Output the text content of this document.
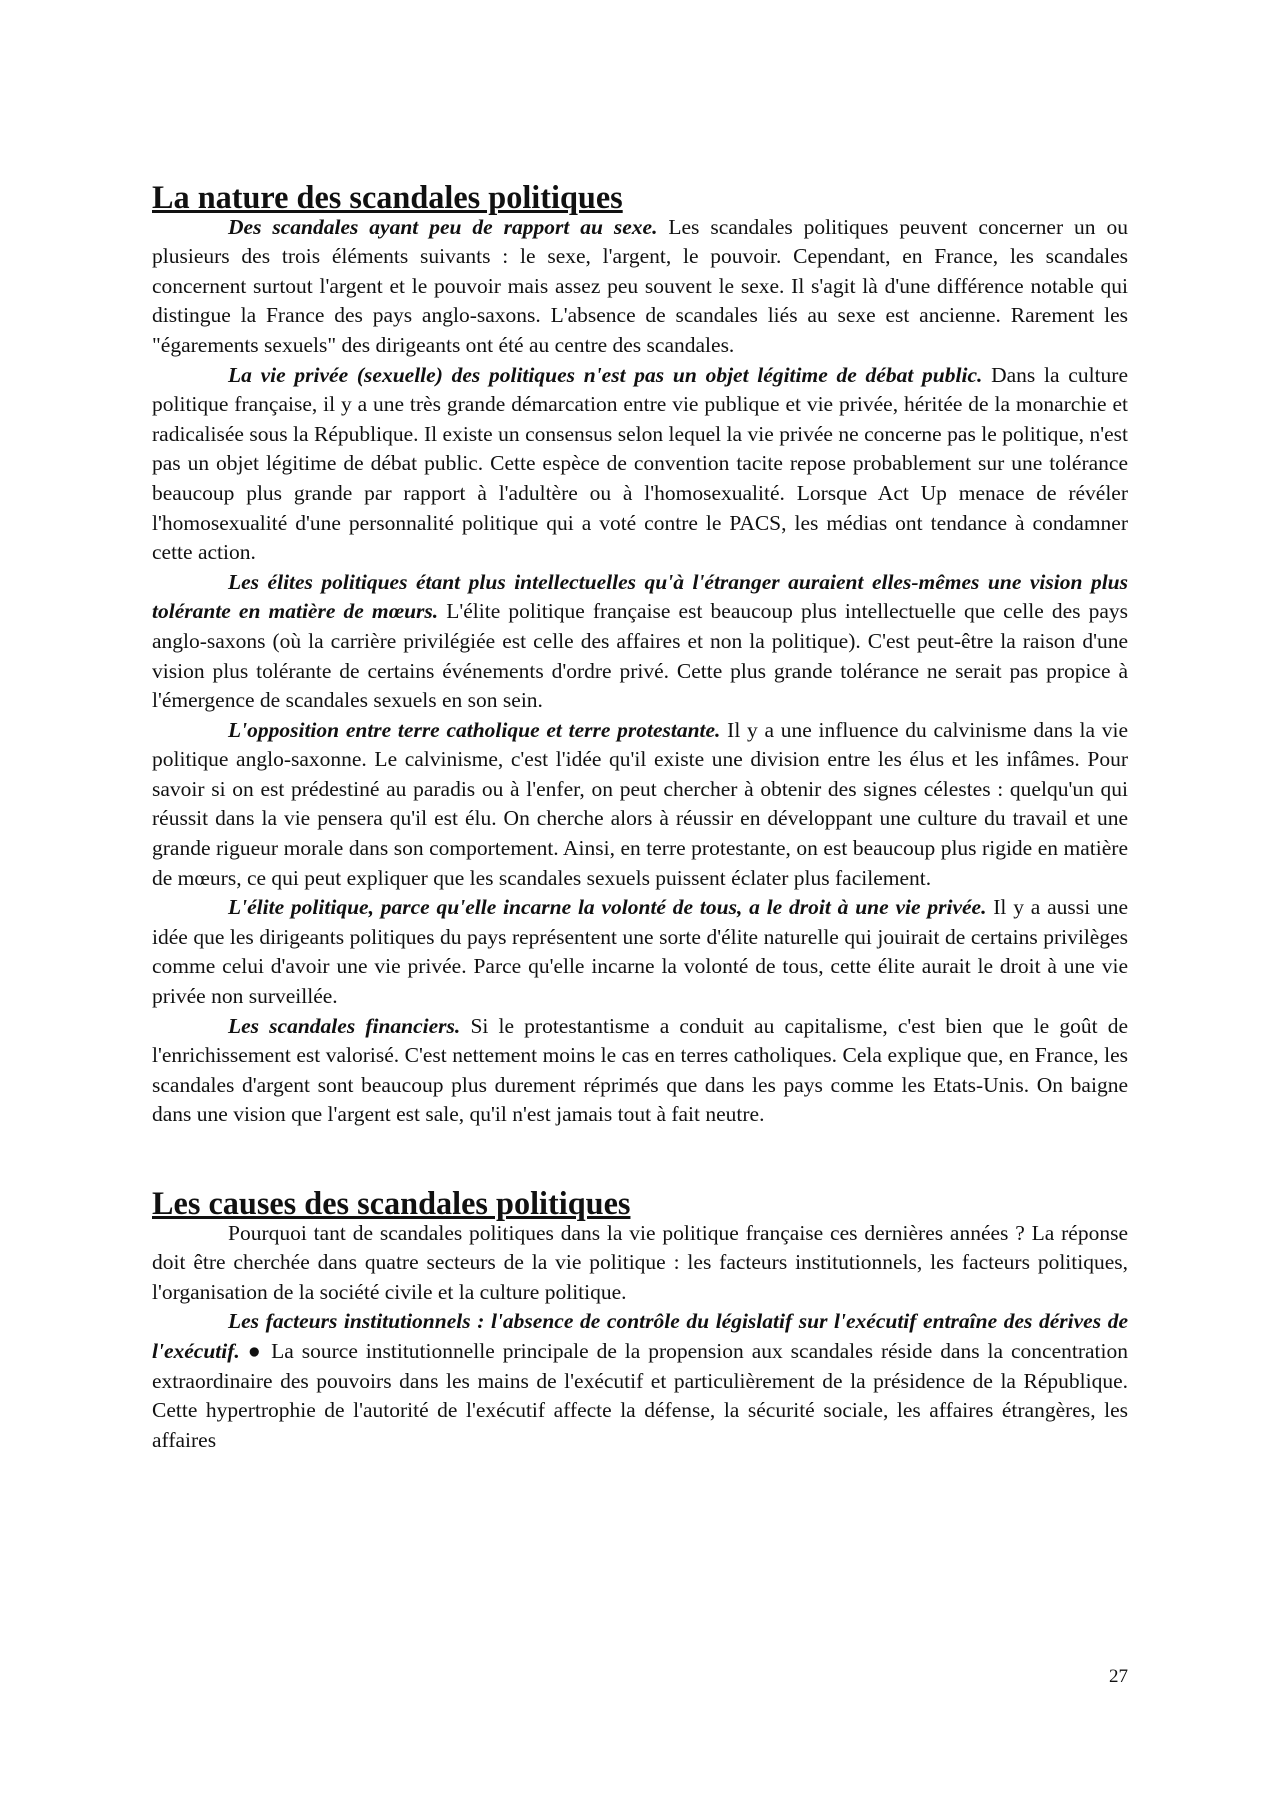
La nature des scandales politiques

Des scandales ayant peu de rapport au sexe. Les scandales politiques peuvent concerner un ou plusieurs des trois éléments suivants : le sexe, l'argent, le pouvoir. Cependant, en France, les scandales concernent surtout l'argent et le pouvoir mais assez peu souvent le sexe. Il s'agit là d'une différence notable qui distingue la France des pays anglo-saxons. L'absence de scandales liés au sexe est ancienne. Rarement les "égarements sexuels" des dirigeants ont été au centre des scandales.

La vie privée (sexuelle) des politiques n'est pas un objet légitime de débat public. Dans la culture politique française, il y a une très grande démarcation entre vie publique et vie privée, héritée de la monarchie et radicalisée sous la République. Il existe un consensus selon lequel la vie privée ne concerne pas le politique, n'est pas un objet légitime de débat public. Cette espèce de convention tacite repose probablement sur une tolérance beaucoup plus grande par rapport à l'adultère ou à l'homosexualité. Lorsque Act Up menace de révéler l'homosexualité d'une personnalité politique qui a voté contre le PACS, les médias ont tendance à condamner cette action.

Les élites politiques étant plus intellectuelles qu'à l'étranger auraient elles-mêmes une vision plus tolérante en matière de mœurs. L'élite politique française est beaucoup plus intellectuelle que celle des pays anglo-saxons (où la carrière privilégiée est celle des affaires et non la politique). C'est peut-être la raison d'une vision plus tolérante de certains événements d'ordre privé. Cette plus grande tolérance ne serait pas propice à l'émergence de scandales sexuels en son sein.

L'opposition entre terre catholique et terre protestante. Il y a une influence du calvinisme dans la vie politique anglo-saxonne. Le calvinisme, c'est l'idée qu'il existe une division entre les élus et les infâmes. Pour savoir si on est prédestiné au paradis ou à l'enfer, on peut chercher à obtenir des signes célestes : quelqu'un qui réussit dans la vie pensera qu'il est élu. On cherche alors à réussir en développant une culture du travail et une grande rigueur morale dans son comportement. Ainsi, en terre protestante, on est beaucoup plus rigide en matière de mœurs, ce qui peut expliquer que les scandales sexuels puissent éclater plus facilement.

L'élite politique, parce qu'elle incarne la volonté de tous, a le droit à une vie privée. Il y a aussi une idée que les dirigeants politiques du pays représentent une sorte d'élite naturelle qui jouirait de certains privilèges comme celui d'avoir une vie privée. Parce qu'elle incarne la volonté de tous, cette élite aurait le droit à une vie privée non surveillée.

Les scandales financiers. Si le protestantisme a conduit au capitalisme, c'est bien que le goût de l'enrichissement est valorisé. C'est nettement moins le cas en terres catholiques. Cela explique que, en France, les scandales d'argent sont beaucoup plus durement réprimés que dans les pays comme les Etats-Unis. On baigne dans une vision que l'argent est sale, qu'il n'est jamais tout à fait neutre.

Les causes des scandales politiques

Pourquoi tant de scandales politiques dans la vie politique française ces dernières années ? La réponse doit être cherchée dans quatre secteurs de la vie politique : les facteurs institutionnels, les facteurs politiques, l'organisation de la société civile et la culture politique.

Les facteurs institutionnels : l'absence de contrôle du législatif sur l'exécutif entraîne des dérives de l'exécutif. ● La source institutionnelle principale de la propension aux scandales réside dans la concentration extraordinaire des pouvoirs dans les mains de l'exécutif et particulièrement de la présidence de la République. Cette hypertrophie de l'autorité de l'exécutif affecte la défense, la sécurité sociale, les affaires étrangères, les affaires

27
